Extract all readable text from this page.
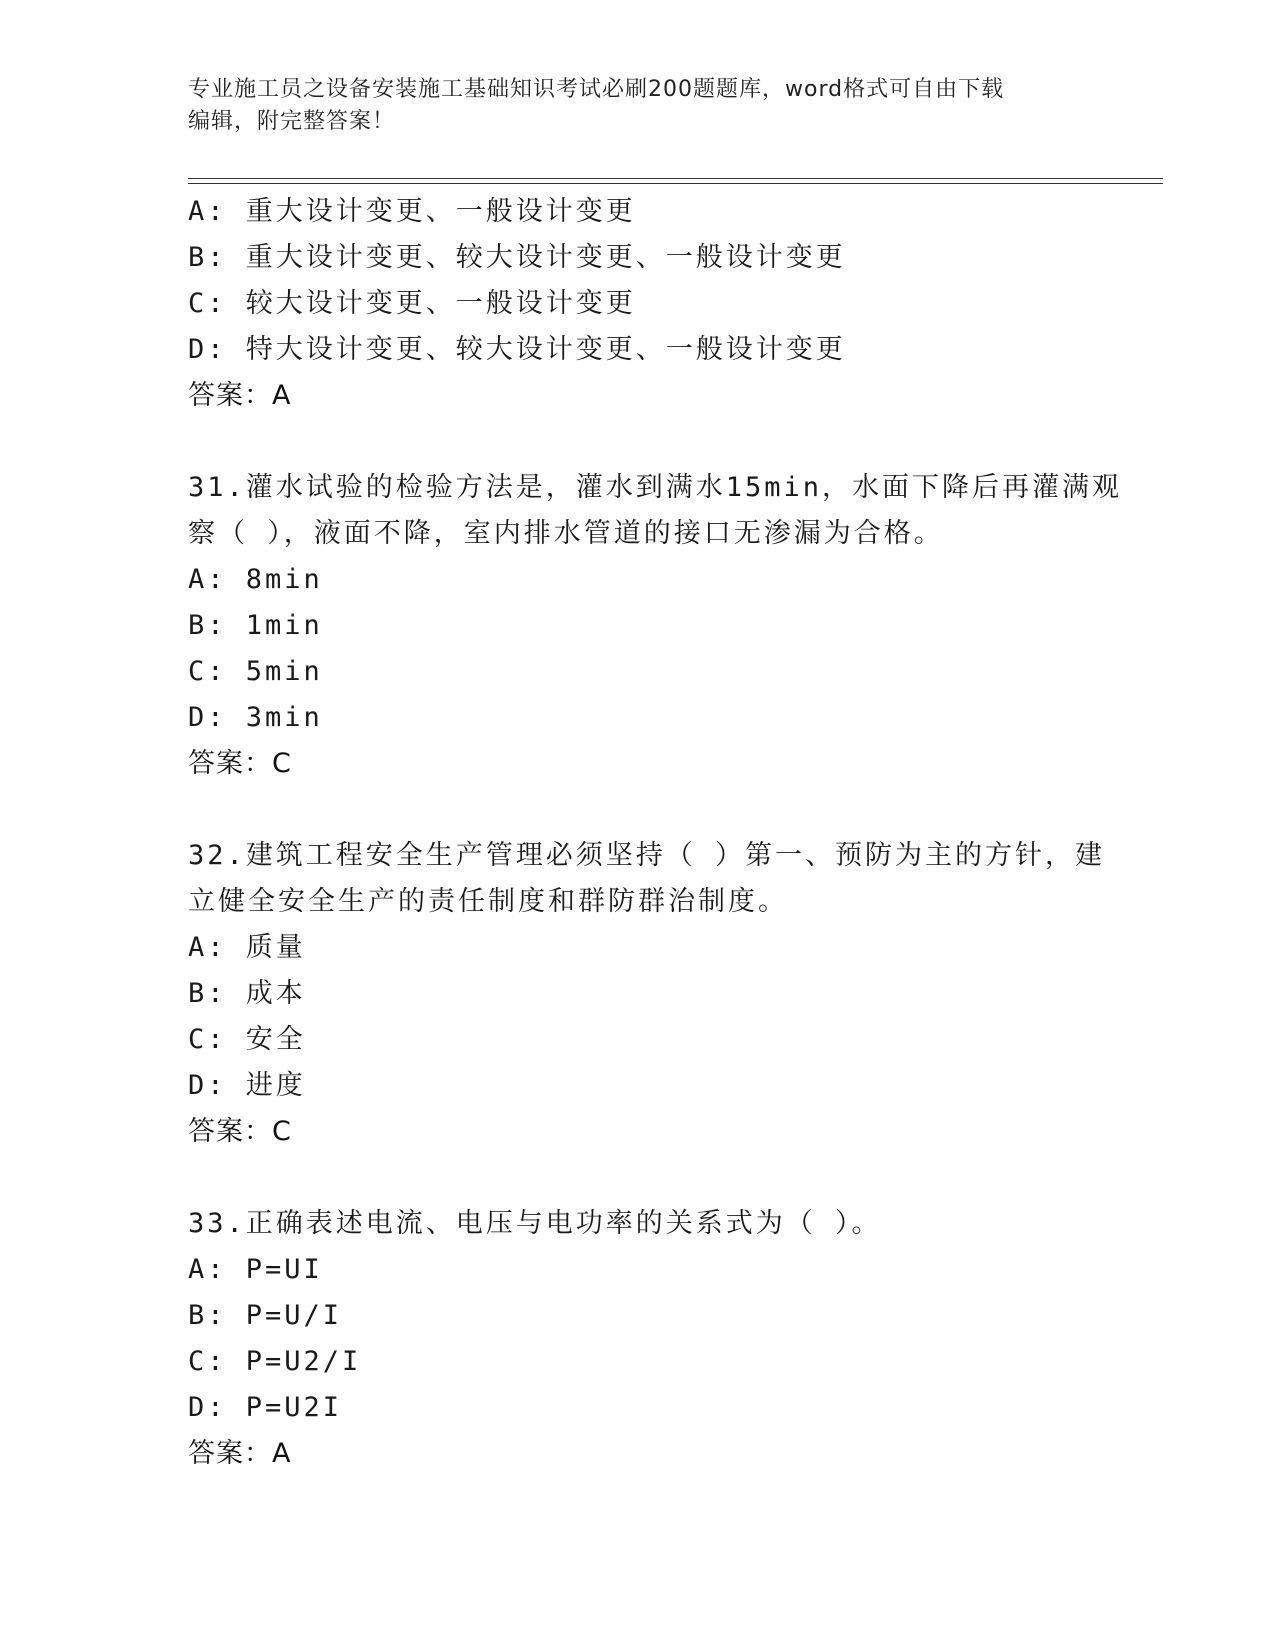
专业施工员之设备安装施工基础知识考试必刷200题题库，word格式可自由下载
编辑，附完整答案！
A: 重大设计变更、一般设计变更
B: 重大设计变更、较大设计变更、一般设计变更
C: 较大设计变更、一般设计变更
D: 特大设计变更、较大设计变更、一般设计变更
答案：A
31.灌水试验的检验方法是，灌水到满水15min，水面下降后再灌满观
察（ ），液面不降，室内排水管道的接口无渗漏为合格。
A: 8min
B: 1min
C: 5min
D: 3min
答案：C
32.建筑工程安全生产管理必须坚持（ ）第一、预防为主的方针，建
立健全安全生产的责任制度和群防群治制度。
A: 质量
B: 成本
C: 安全
D: 进度
答案：C
33.正确表述电流、电压与电功率的关系式为（ ）。
A: P=UI
B: P=U/I
C: P=U2/I
D: P=U2I
答案：A
